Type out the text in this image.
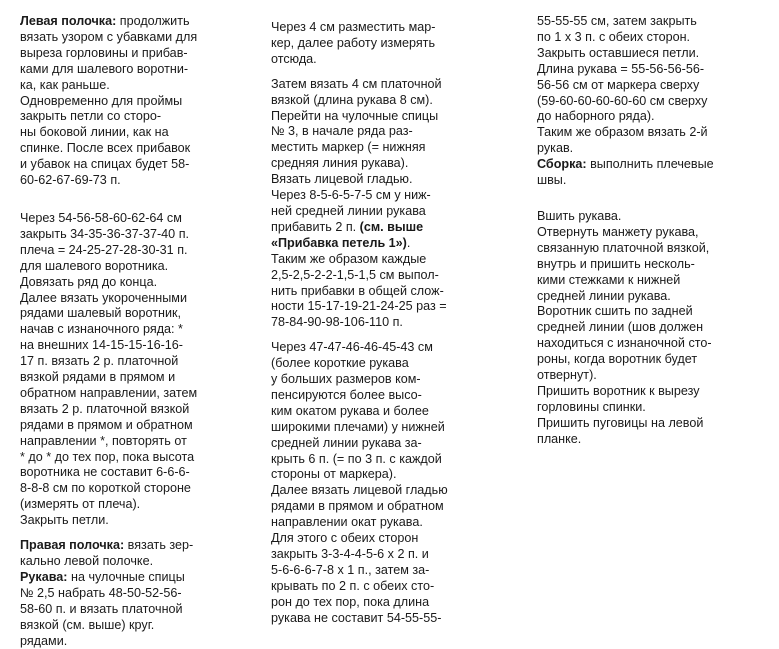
Левая полочка: продолжить
вязать узором с убавками для
выреза горловины и прибав-
ками для шалевого воротни-
ка, как раньше.
Одновременно для проймы
закрыть петли со сторо-
ны боковой линии, как на
спинке. После всех прибавок
и убавок на спицах будет 58-
60-62-67-69-73 п.
Через 54-56-58-60-62-64 см
закрыть 34-35-36-37-37-40 п.
плеча = 24-25-27-28-30-31 п.
для шалевого воротника.
Довязать ряд до конца.
Далее вязать укороченными
рядами шалевый воротник,
начав с изнаночного ряда: *
на внешних 14-15-15-16-16-
17 п. вязать 2 р. платочной
вязкой рядами в прямом и
обратном направлении, затем
вязать 2 р. платочной вязкой
рядами в прямом и обратном
направлении *, повторять от
* до * до тех пор, пока высота
воротника не составит 6-6-6-
8-8-8 см по короткой стороне
(измерять от плеча).
Закрыть петли.
Правая полочка: вязать зер-
кально левой полочке.
Рукава: на чулочные спицы
№ 2,5 набрать 48-50-52-56-
58-60 п. и вязать платочной
вязкой (см. выше) круг.
рядами.
Через 4 см разместить мар-
кер, далее работу измерять
отсюда.
Затем вязать 4 см платочной
вязкой (длина рукава 8 см).
Перейти на чулочные спицы
№ 3, в начале ряда раз-
местить маркер (= нижняя
средняя линия рукава).
Вязать лицевой гладью.
Через 8-5-6-5-7-5 см у ниж-
ней средней линии рукава
прибавить 2 п. (см. выше
«Прибавка петель 1»).
Таким же образом каждые
2,5-2,5-2-2-1,5-1,5 см выпол-
нить прибавки в общей слож-
ности 15-17-19-21-24-25 раз =
78-84-90-98-106-110 п.
Через 47-47-46-46-45-43 см
(более короткие рукава
у больших размеров ком-
пенсируются более высо-
ким окатом рукава и более
широкими плечами) у нижней
средней линии рукава за-
крыть 6 п. (= по 3 п. с каждой
стороны от маркера).
Далее вязать лицевой гладью
рядами в прямом и обратном
направлении окат рукава.
Для этого с обеих сторон
закрыть 3-3-4-4-5-6 х 2 п. и
5-6-6-6-7-8 х 1 п., затем за-
крывать по 2 п. с обеих сто-
рон до тех пор, пока длина
рукава не составит 54-55-55-
55-55-55 см, затем закрыть
по 1 х 3 п. с обеих сторон.
Закрыть оставшиеся петли.
Длина рукава = 55-56-56-56-
56-56 см от маркера сверху
(59-60-60-60-60-60 см сверху
до наборного ряда).
Таким же образом вязать 2-й
рукав.
Сборка: выполнить плечевые
швы.
Вшить рукава.
Отвернуть манжету рукава,
связанную платочной вязкой,
внутрь и пришить несколь-
кими стежками к нижней
средней линии рукава.
Воротник сшить по задней
средней линии (шов должен
находиться с изнаночной сто-
роны, когда воротник будет
отвернут).
Пришить воротник к вырезу
горловины спинки.
Пришить пуговицы на левой
планке.
